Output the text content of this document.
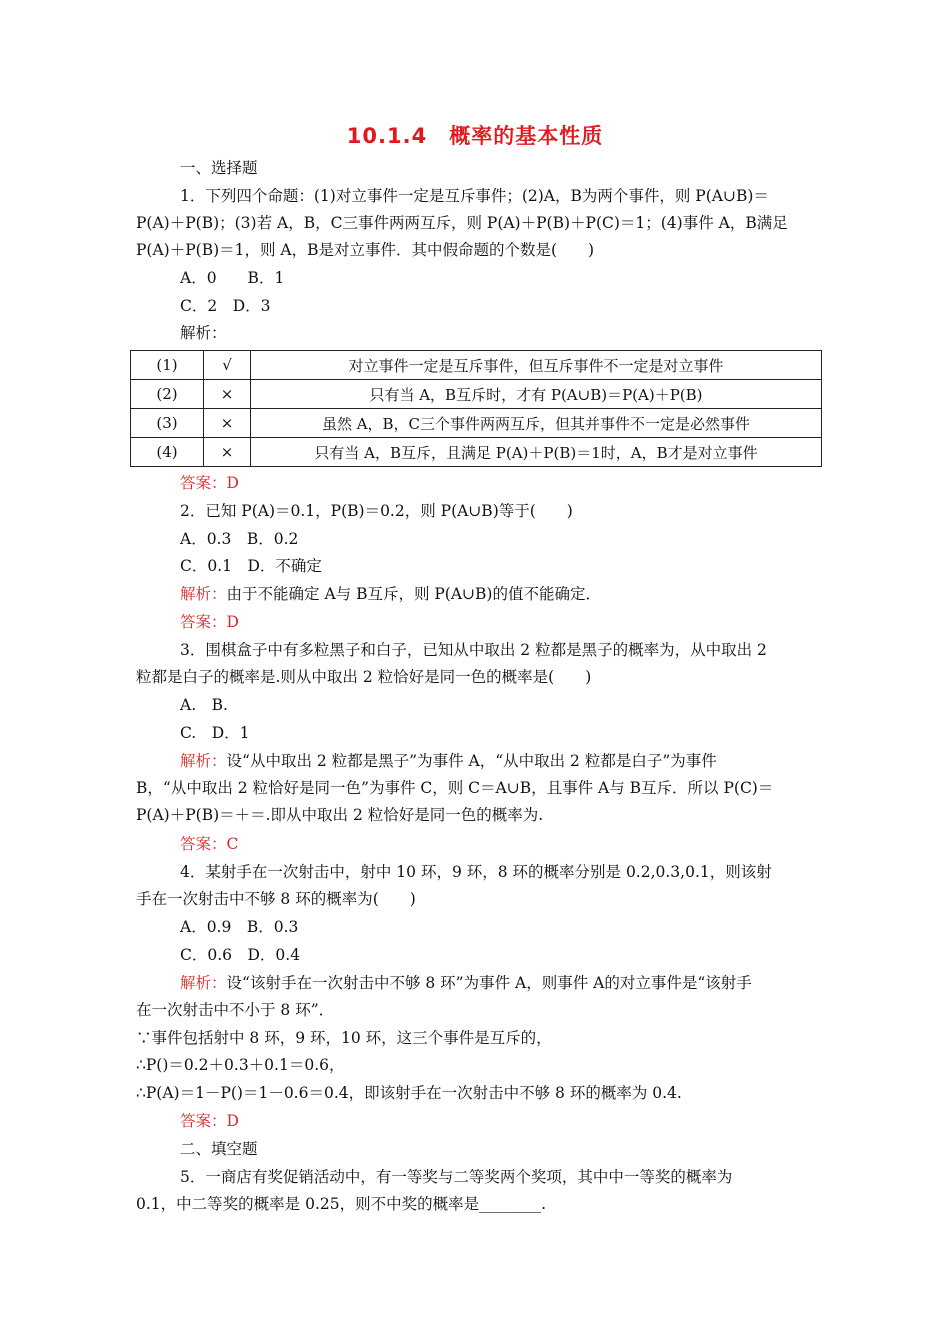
10.1.4　概率的基本性质
一、选择题
1．下列四个命题：(1)对立事件一定是互斥事件；(2)A，B为两个事件，则 P(A∪B)＝
P(A)＋P(B)；(3)若 A，B，C三事件两两互斥，则 P(A)＋P(B)＋P(C)＝1；(4)事件 A，B满足
P(A)＋P(B)＝1，则 A，B是对立事件．其中假命题的个数是(　　)
A．0　　B．1
C．2　D．3
解析：
(1)	√	对立事件一定是互斥事件，但互斥事件不一定是对立事件
(2)	×	只有当 A，B互斥时，才有 P(A∪B)＝P(A)＋P(B)
(3)	×	虽然 A，B，C三个事件两两互斥，但其并事件不一定是必然事件
(4)	×	只有当 A，B互斥，且满足 P(A)＋P(B)＝1时，A，B才是对立事件
答案：D
2．已知 P(A)＝0.1，P(B)＝0.2，则 P(A∪B)等于(　　)
A．0.3　B．0.2
C．0.1　D．不确定
解析：由于不能确定 A与 B互斥，则 P(A∪B)的值不能确定．
答案：D
3．围棋盒子中有多粒黑子和白子，已知从中取出 2 粒都是黑子的概率为，从中取出 2
粒都是白子的概率是.则从中取出 2 粒恰好是同一色的概率是(　　)
A.　B.
C.　D．1
解析：设“从中取出 2 粒都是黑子”为事件 A，“从中取出 2 粒都是白子”为事件
B，“从中取出 2 粒恰好是同一色”为事件 C，则 C＝A∪B，且事件 A与 B互斥．所以 P(C)＝
P(A)＋P(B)＝＋＝.即从中取出 2 粒恰好是同一色的概率为.
答案：C
4．某射手在一次射击中，射中 10 环，9 环，8 环的概率分别是 0.2,0.3,0.1，则该射
手在一次射击中不够 8 环的概率为(　　)
A．0.9　B．0.3
C．0.6　D．0.4
解析：设“该射手在一次射击中不够 8 环”为事件 A，则事件 A的对立事件是“该射手
在一次射击中不小于 8 环”．
∵事件包括射中 8 环，9 环，10 环，这三个事件是互斥的，
∴P()＝0.2＋0.3＋0.1＝0.6，
∴P(A)＝1－P()＝1－0.6＝0.4，即该射手在一次射击中不够 8 环的概率为 0.4.
答案：D
二、填空题
5．一商店有奖促销活动中，有一等奖与二等奖两个奖项，其中中一等奖的概率为
0.1，中二等奖的概率是 0.25，则不中奖的概率是________.
